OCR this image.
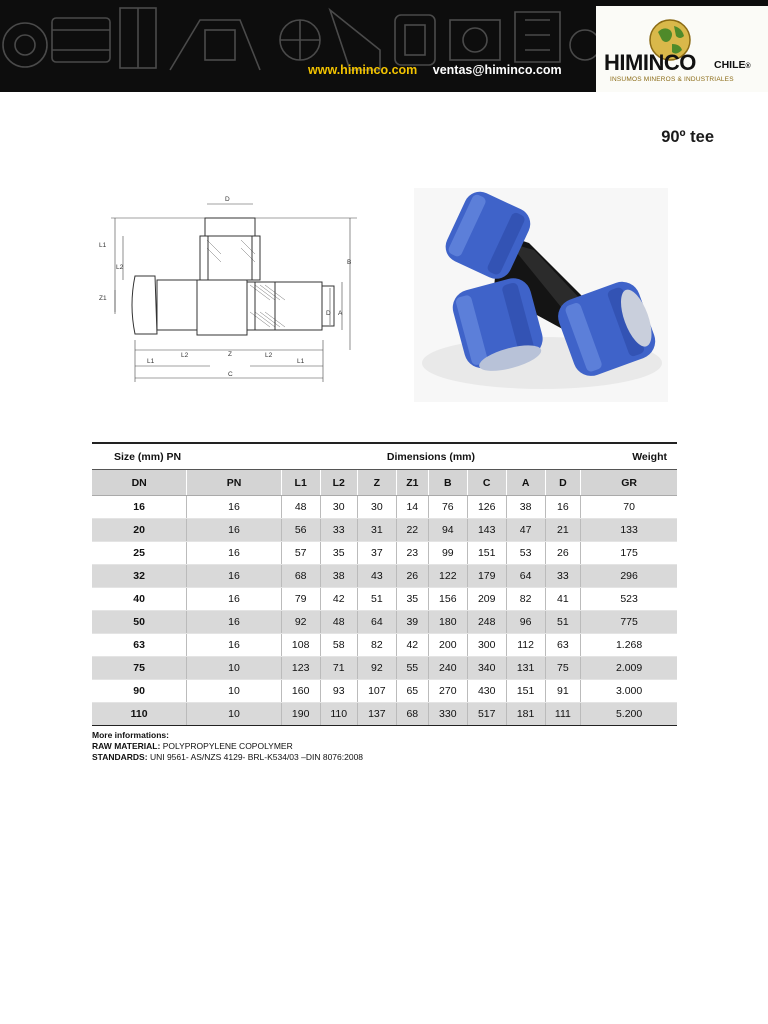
www.himinco.com ventas@himinco.com HIMINCO CHILE®
INSUMOS MINEROS & INDUSTRIALES
90º tee
D
L1
L2
Z1
B
D A
L1
L2	Z	L2
L1
C
Size (mm) PN		Dimensions (mm)								Weight
DN	PN	L1	L2	Z	Z1	B	C	A	D	GR
16	16	48	30	30	14	76	126	38	16	70
20	16	56	33	31	22	94	143	47	21	133
25	16	57	35	37	23	99	151	53	26	175
32	16	68	38	43	26	122	179	64	33	296
40	16	79	42	51	35	156	209	82	41	523
50	16	92	48	64	39	180	248	96	51	775
63	16	108	58	82	42	200	300	112	63	1.268
75	10	123	71	92	55	240	340	131	75	2.009
90	10	160	93	107	65	270	430	151	91	3.000
110	10	190	110	137	68	330	517	181	111	5.200
More informations:
RAW MATERIAL: POLYPROPYLENE COPOLYMER
STANDARDS: UNI 9561- AS/NZS 4129- BRL-K534/03 –DIN 8076:2008
